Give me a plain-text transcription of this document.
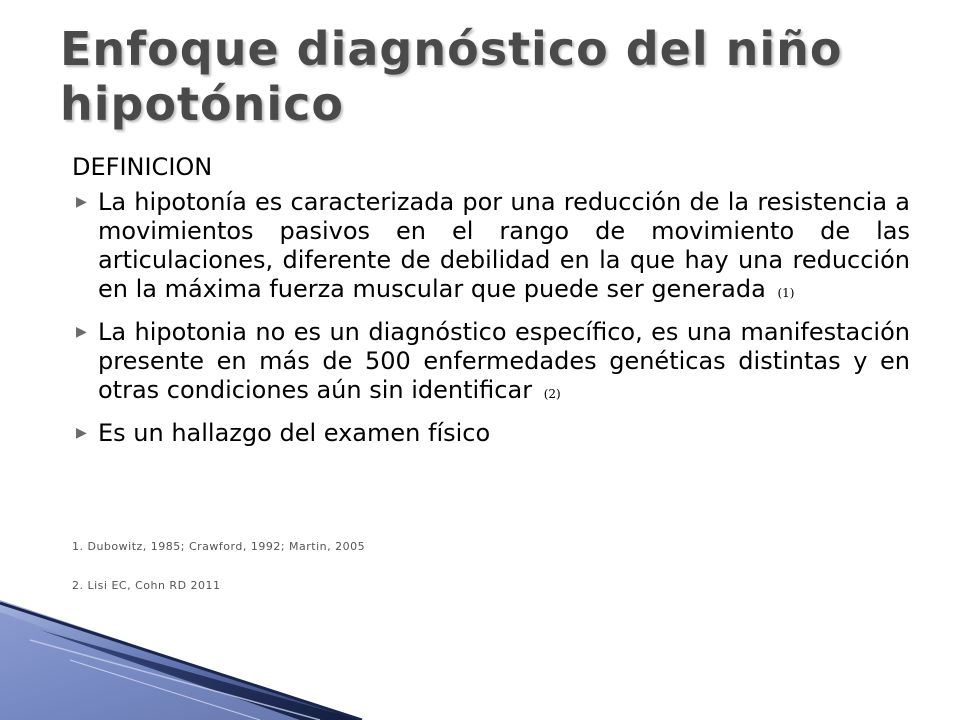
Enfoque diagnóstico del niño hipotónico
DEFINICION
▶ La hipotonía es caracterizada por una reducción de la resistencia a movimientos pasivos en el rango de movimiento de las articulaciones, diferente de debilidad en la que hay una reducción en la máxima fuerza muscular que puede ser generada (1)
▶ La hipotonia no es un diagnóstico específico, es una manifestación presente en más de 500 enfermedades genéticas distintas y en otras condiciones aún sin identificar (2)
▶ Es un hallazgo del examen físico
1. Dubowitz, 1985; Crawford, 1992; Martin, 2005
2. Lisi EC, Cohn RD 2011
